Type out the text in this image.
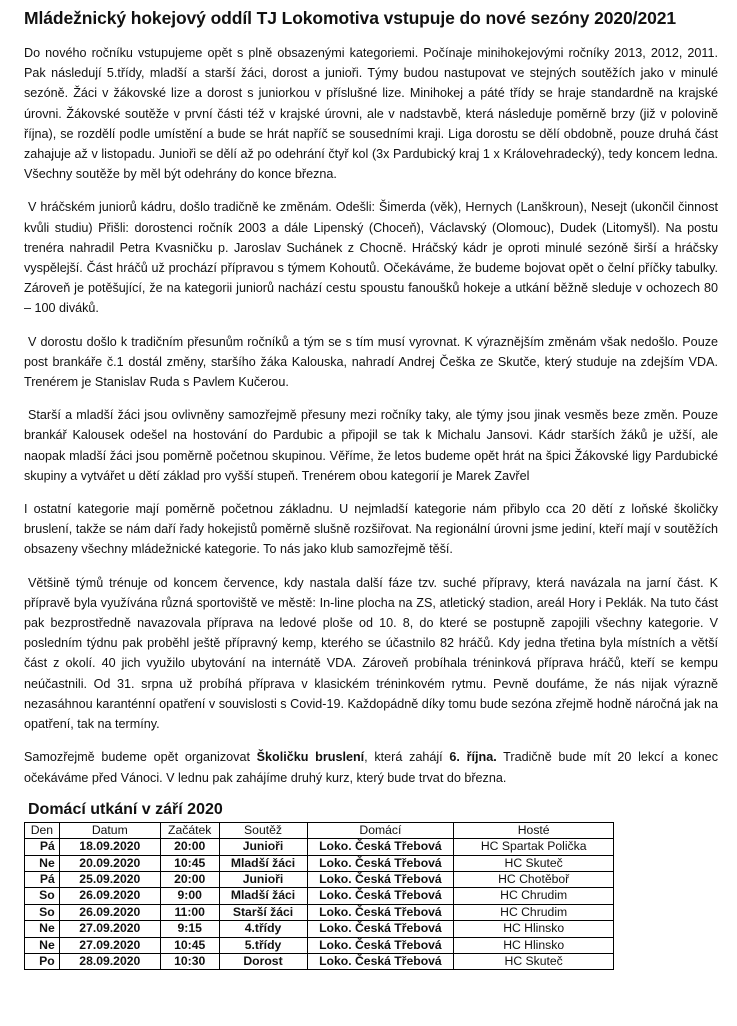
Mládežnický hokejový oddíl TJ Lokomotiva vstupuje do nové sezóny 2020/2021

Do nového ročníku vstupujeme opět s plně obsazenými kategoriemi. Počínaje minihokejovými ročníky 2013, 2012, 2011. Pak následují 5.třídy, mladší a starší žáci, dorost a junioři. Týmy budou nastupovat ve stejných soutěžích jako v minulé sezóně. Žáci v žákovské lize a dorost s juniorkou v příslušné lize. Minihokej a páté třídy se hraje standardně na krajské úrovni. Žákovské soutěže v první části též v krajské úrovni, ale v nadstavbě, která následuje poměrně brzy (již v polovině října), se rozdělí podle umístění a bude se hrát napříč se sousedními kraji. Liga dorostu se dělí obdobně, pouze druhá část zahajuje až v listopadu. Junioři se dělí až po odehrání čtyř kol (3x Pardubický kraj 1 x Královehradecký), tedy koncem ledna. Všechny soutěže by měl být odehrány do konce března.

V hráčském juniorů kádru, došlo tradičně ke změnám. Odešli: Šimerda (věk), Hernych (Lanškroun), Nesejt (ukončil činnost kvůli studiu) Přišli: dorostenci ročník 2003 a dále Lipenský (Choceň), Václavský (Olomouc), Dudek (Litomyšl). Na postu trenéra nahradil Petra Kvasničku p. Jaroslav Suchánek z Chocně. Hráčský kádr je oproti minulé sezóně širší a hráčsky vyspělejší. Část hráčů už prochází přípravou s týmem Kohoutů. Očekáváme, že budeme bojovat opět o čelní příčky tabulky. Zároveň je potěšující, že na kategorii juniorů nachází cestu spoustu fanoušků hokeje a utkání běžně sleduje v ochozech 80 – 100 diváků.

V dorostu došlo k tradičním přesunům ročníků a tým se s tím musí vyrovnat. K výraznějším změnám však nedošlo. Pouze post brankáře č.1 dostál změny, staršího žáka Kalouska, nahradí Andrej Češka ze Skutče, který studuje na zdejším VDA. Trenérem je Stanislav Ruda s Pavlem Kučerou.

Starší a mladší žáci jsou ovlivněny samozřejmě přesuny mezi ročníky taky, ale týmy jsou jinak vesměs beze změn. Pouze brankář Kalousek odešel na hostování do Pardubic a připojil se tak k Michalu Jansovi. Kádr starších žáků je užší, ale naopak mladší žáci jsou poměrně početnou skupinou. Věříme, že letos budeme opět hrát na špici Žákovské ligy Pardubické skupiny a vytvářet u dětí základ pro vyšší stupeň. Trenérem obou kategorií je Marek Zavřel

I ostatní kategorie mají poměrně početnou základnu. U nejmladší kategorie nám přibylo cca 20 dětí z loňské školičky bruslení, takže se nám daří řady hokejistů poměrně slušně rozšiřovat. Na regionální úrovni jsme jediní, kteří mají v soutěžích obsazeny všechny mládežnické kategorie. To nás jako klub samozřejmě těší.

Většině týmů trénuje od koncem července, kdy nastala další fáze tzv. suché přípravy, která navázala na jarní část. K přípravě byla využívána různá sportoviště ve městě: In-line plocha na ZS, atletický stadion, areál Hory i Peklák. Na tuto část pak bezprostředně navazovala příprava na ledové ploše od 10. 8, do které se postupně zapojili všechny kategorie. V posledním týdnu pak proběhl ještě přípravný kemp, kterého se účastnilo 82 hráčů. Kdy jedna třetina byla místních a větší část z okolí. 40 jich využilo ubytování na internátě VDA. Zároveň probíhala tréninková příprava hráčů, kteří se kempu neúčastnili. Od 31. srpna už probíhá příprava v klasickém tréninkovém rytmu. Pevně doufáme, že nás nijak výrazně nezasáhnou karanténní opatření v souvislosti s Covid-19. Každopádně díky tomu bude sezóna zřejmě hodně náročná jak na opatření, tak na termíny.

Samozřejmě budeme opět organizovat Školičku bruslení, která zahájí 6. října. Tradičně bude mít 20 lekcí a konec očekáváme před Vánoci. V lednu pak zahájíme druhý kurz, který bude trvat do března.

Domácí utkání v září 2020
Den	Datum	Začátek	Soutěž	Domácí	Hosté
Pá	18.09.2020	20:00	Junioři	Loko. Česká Třebová	HC Spartak Polička
Ne	20.09.2020	10:45	Mladší žáci	Loko. Česká Třebová	HC Skuteč
Pá	25.09.2020	20:00	Junioři	Loko. Česká Třebová	HC Chotěboř
So	26.09.2020	9:00	Mladší žáci	Loko. Česká Třebová	HC Chrudim
So	26.09.2020	11:00	Starší žáci	Loko. Česká Třebová	HC Chrudim
Ne	27.09.2020	9:15	4.třídy	Loko. Česká Třebová	HC Hlinsko
Ne	27.09.2020	10:45	5.třídy	Loko. Česká Třebová	HC Hlinsko
Po	28.09.2020	10:30	Dorost	Loko. Česká Třebová	HC Skuteč
